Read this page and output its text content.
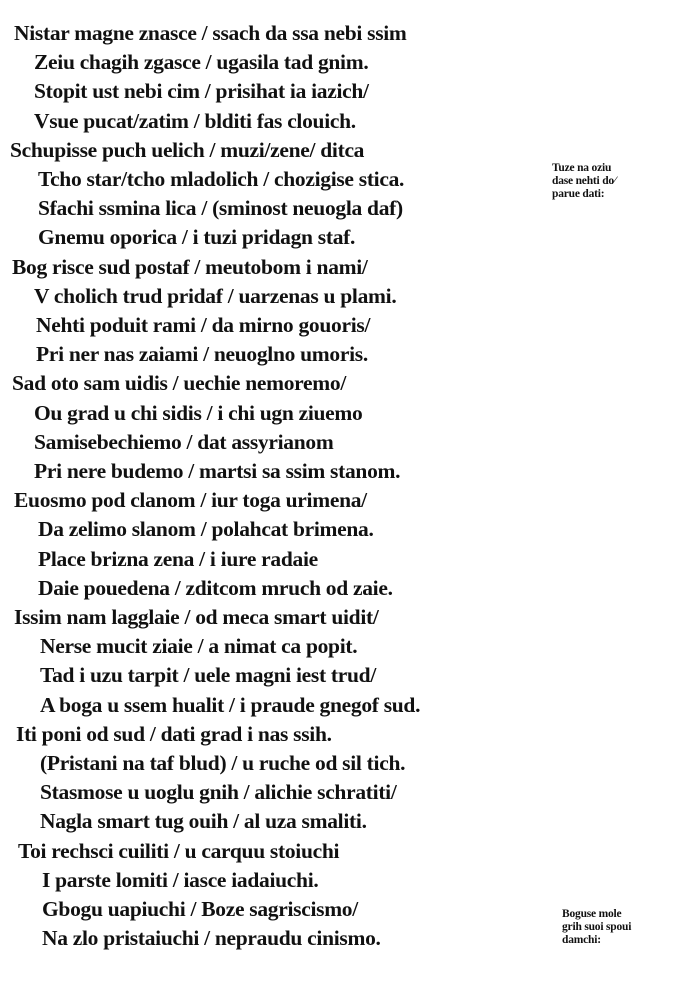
Nistar magne znasce / ssach da ssa nebi ssim
Zeiu chagih zgasce / ugasila tad gnim.
Stopit ust nebi cim / prisihat ia iazich/
Vsue pucat/zatim / blditi fas clouich.
Schupisse puch uelich / muzi/zene/ ditca
Tcho star/tcho mladolich / chozigise stica.
Sfachi ssmina lica / (sminost neuogla daf)
Gnemu oporica / i tuzi pridagn staf.
Bog risce sud postaf / meutobom i nami/
V cholich trud pridaf / uarzenas u plami.
Nehti poduit rami / da mirno gouoris/
Pri ner nas zaiami / neuoglno umoris.
Sad oto sam uidis / uechie nemoremo/
Ou grad u chi sidis / i chi ugn ziuemo
Samisebechiemo / dat assyrianom
Pri nere budemo / martsi sa ssim stanom.
Euosmo pod clanom / iur toga urimena/
Da zelimo slanom / polahcat brimena.
Place brizna zena / i iure radaie
Daie pouedena / zditcom mruch od zaie.
Issim nam lagglaie / od meca smart uidit/
Nerse mucit ziaie / a nimat ca popit.
Tad i uzu tarpit / uele magni iest trud/
A boga u ssem hualit / i praude gnegof sud.
Iti poni od sud / dati grad i nas ssih.
(Pristani na taf blud) / u ruche od sil tich.
Stasmose u uoglu gnih / alichie schratiti/
Nagla smart tug ouih / al uza smaliti.
Toi rechsci cuiliti / u carquu stoiuchi
I parste lomiti / iasce iadaiuchi.
Gbogu uapiuchi / Boze sagriscismo/
Na zlo pristaiuchi / nepraudu cinismo.
Tuze na oziu
dase nehti do⁄
parue dati:
Boguse mole
grih suoi spoui
damchi:
